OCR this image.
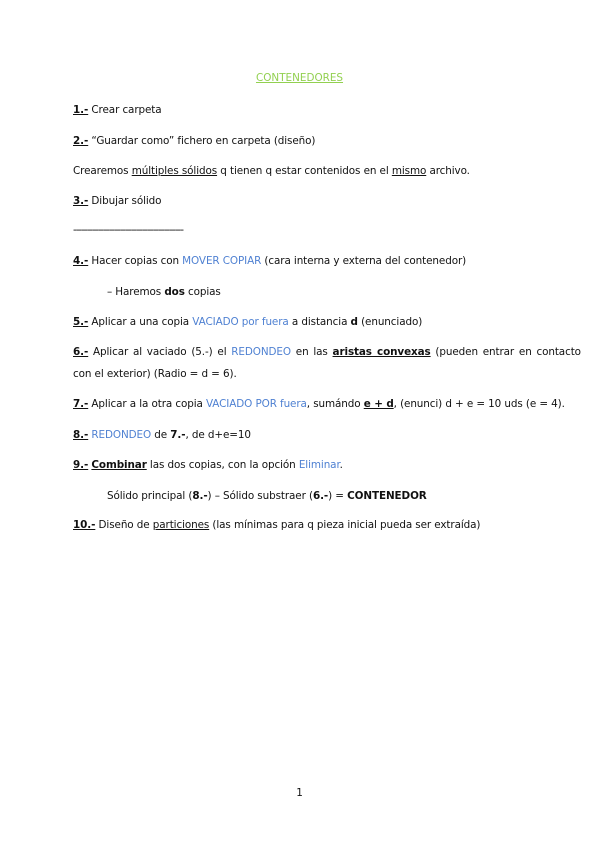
CONTENEDORES
1.- Crear carpeta
2.- “Guardar como” fichero en carpeta (diseño)
Crearemos múltiples sólidos q tienen q estar contenidos en el mismo archivo.
3.- Dibujar sólido
----------------------------------------
4.- Hacer copias con MOVER COPIAR (cara interna y externa del contenedor)
– Haremos dos copias
5.- Aplicar a una copia VACIADO por fuera a distancia d (enunciado)
6.- Aplicar al vaciado (5.-) el REDONDEO en las aristas convexas (pueden entrar en contacto
con el exterior) (Radio = d = 6).
7.- Aplicar a la otra copia VACIADO POR fuera, sumándo e + d, (enunci) d + e = 10 uds (e = 4).
8.- REDONDEO de 7.-, de d+e=10
9.- Combinar las dos copias, con la opción Eliminar.
Sólido principal (8.-) – Sólido substraer (6.-) = CONTENEDOR
10.- Diseño de particiones (las mínimas para q pieza inicial pueda ser extraída)
1
